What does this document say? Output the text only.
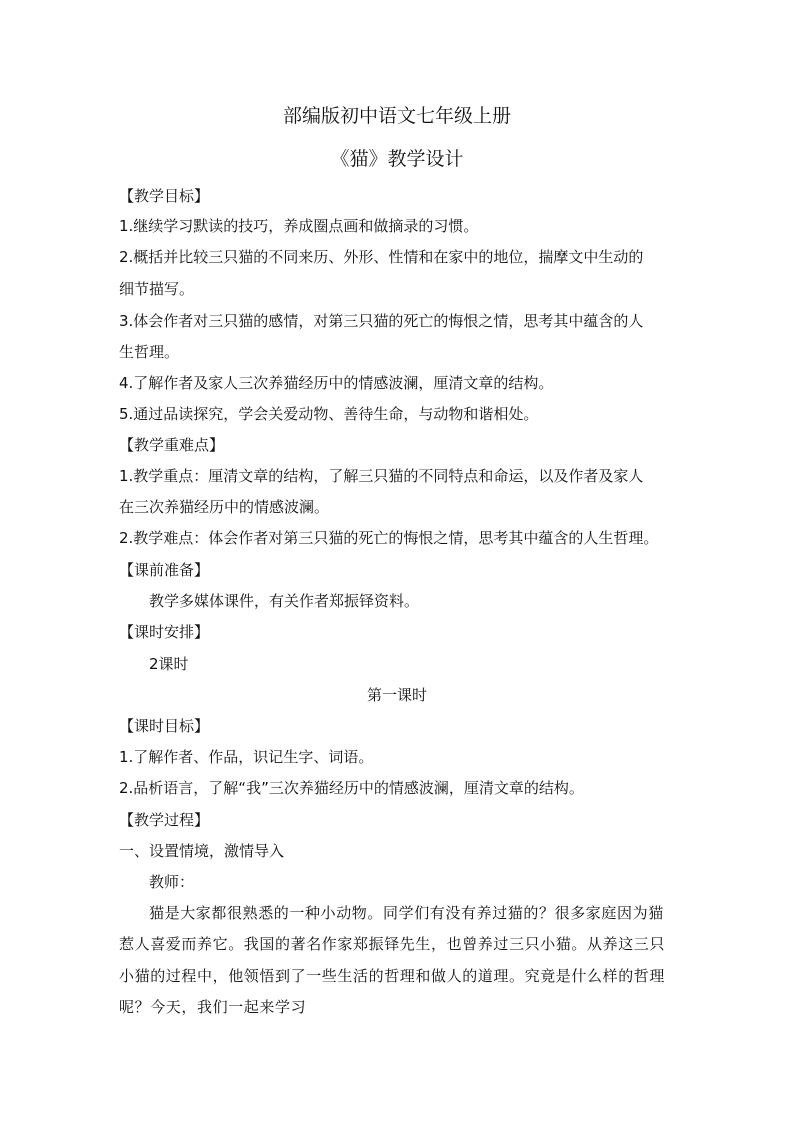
部编版初中语文七年级上册
《猫》教学设计
【教学目标】
1.继续学习默读的技巧，养成圈点画和做摘录的习惯。
2.概括并比较三只猫的不同来历、外形、性情和在家中的地位，揣摩文中生动的
细节描写。
3.体会作者对三只猫的感情，对第三只猫的死亡的悔恨之情，思考其中蕴含的人
生哲理。
4.了解作者及家人三次养猫经历中的情感波澜，厘清文章的结构。
5.通过品读探究，学会关爱动物、善待生命，与动物和谐相处。
【教学重难点】
1.教学重点：厘清文章的结构，了解三只猫的不同特点和命运，以及作者及家人
在三次养猫经历中的情感波澜。
2.教学难点：体会作者对第三只猫的死亡的悔恨之情，思考其中蕴含的人生哲理。
【课前准备】
教学多媒体课件，有关作者郑振铎资料。
【课时安排】
2课时
第一课时
【课时目标】
1.了解作者、作品，识记生字、词语。
2.品析语言，了解“我”三次养猫经历中的情感波澜，厘清文章的结构。
【教学过程】
一、设置情境，激情导入
教师：
猫是大家都很熟悉的一种小动物。同学们有没有养过猫的？很多家庭因为猫
惹人喜爱而养它。我国的著名作家郑振铎先生，也曾养过三只小猫。从养这三只
小猫的过程中，他领悟到了一些生活的哲理和做人的道理。究竟是什么样的哲理
呢？今天，我们一起来学习
